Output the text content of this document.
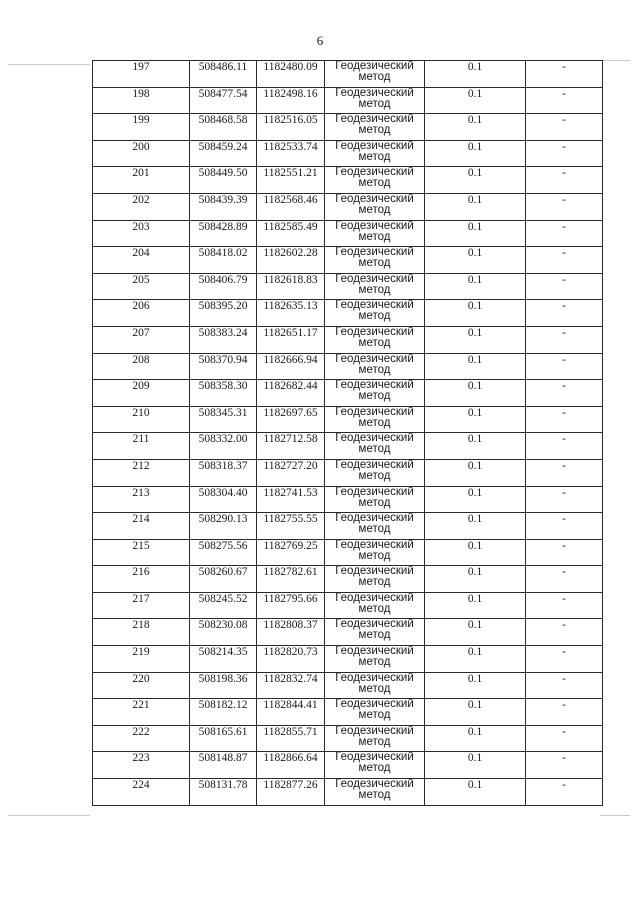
6
197	508486.11	1182480.09	Геодезический метод	0.1	-
198	508477.54	1182498.16	Геодезический метод	0.1	-
199	508468.58	1182516.05	Геодезический метод	0.1	-
200	508459.24	1182533.74	Геодезический метод	0.1	-
201	508449.50	1182551.21	Геодезический метод	0.1	-
202	508439.39	1182568.46	Геодезический метод	0.1	-
203	508428.89	1182585.49	Геодезический метод	0.1	-
204	508418.02	1182602.28	Геодезический метод	0.1	-
205	508406.79	1182618.83	Геодезический метод	0.1	-
206	508395.20	1182635.13	Геодезический метод	0.1	-
207	508383.24	1182651.17	Геодезический метод	0.1	-
208	508370.94	1182666.94	Геодезический метод	0.1	-
209	508358.30	1182682.44	Геодезический метод	0.1	-
210	508345.31	1182697.65	Геодезический метод	0.1	-
211	508332.00	1182712.58	Геодезический метод	0.1	-
212	508318.37	1182727.20	Геодезический метод	0.1	-
213	508304.40	1182741.53	Геодезический метод	0.1	-
214	508290.13	1182755.55	Геодезический метод	0.1	-
215	508275.56	1182769.25	Геодезический метод	0.1	-
216	508260.67	1182782.61	Геодезический метод	0.1	-
217	508245.52	1182795.66	Геодезический метод	0.1	-
218	508230.08	1182808.37	Геодезический метод	0.1	-
219	508214.35	1182820.73	Геодезический метод	0.1	-
220	508198.36	1182832.74	Геодезический метод	0.1	-
221	508182.12	1182844.41	Геодезический метод	0.1	-
222	508165.61	1182855.71	Геодезический метод	0.1	-
223	508148.87	1182866.64	Геодезический метод	0.1	-
224	508131.78	1182877.26	Геодезический метод	0.1	-
